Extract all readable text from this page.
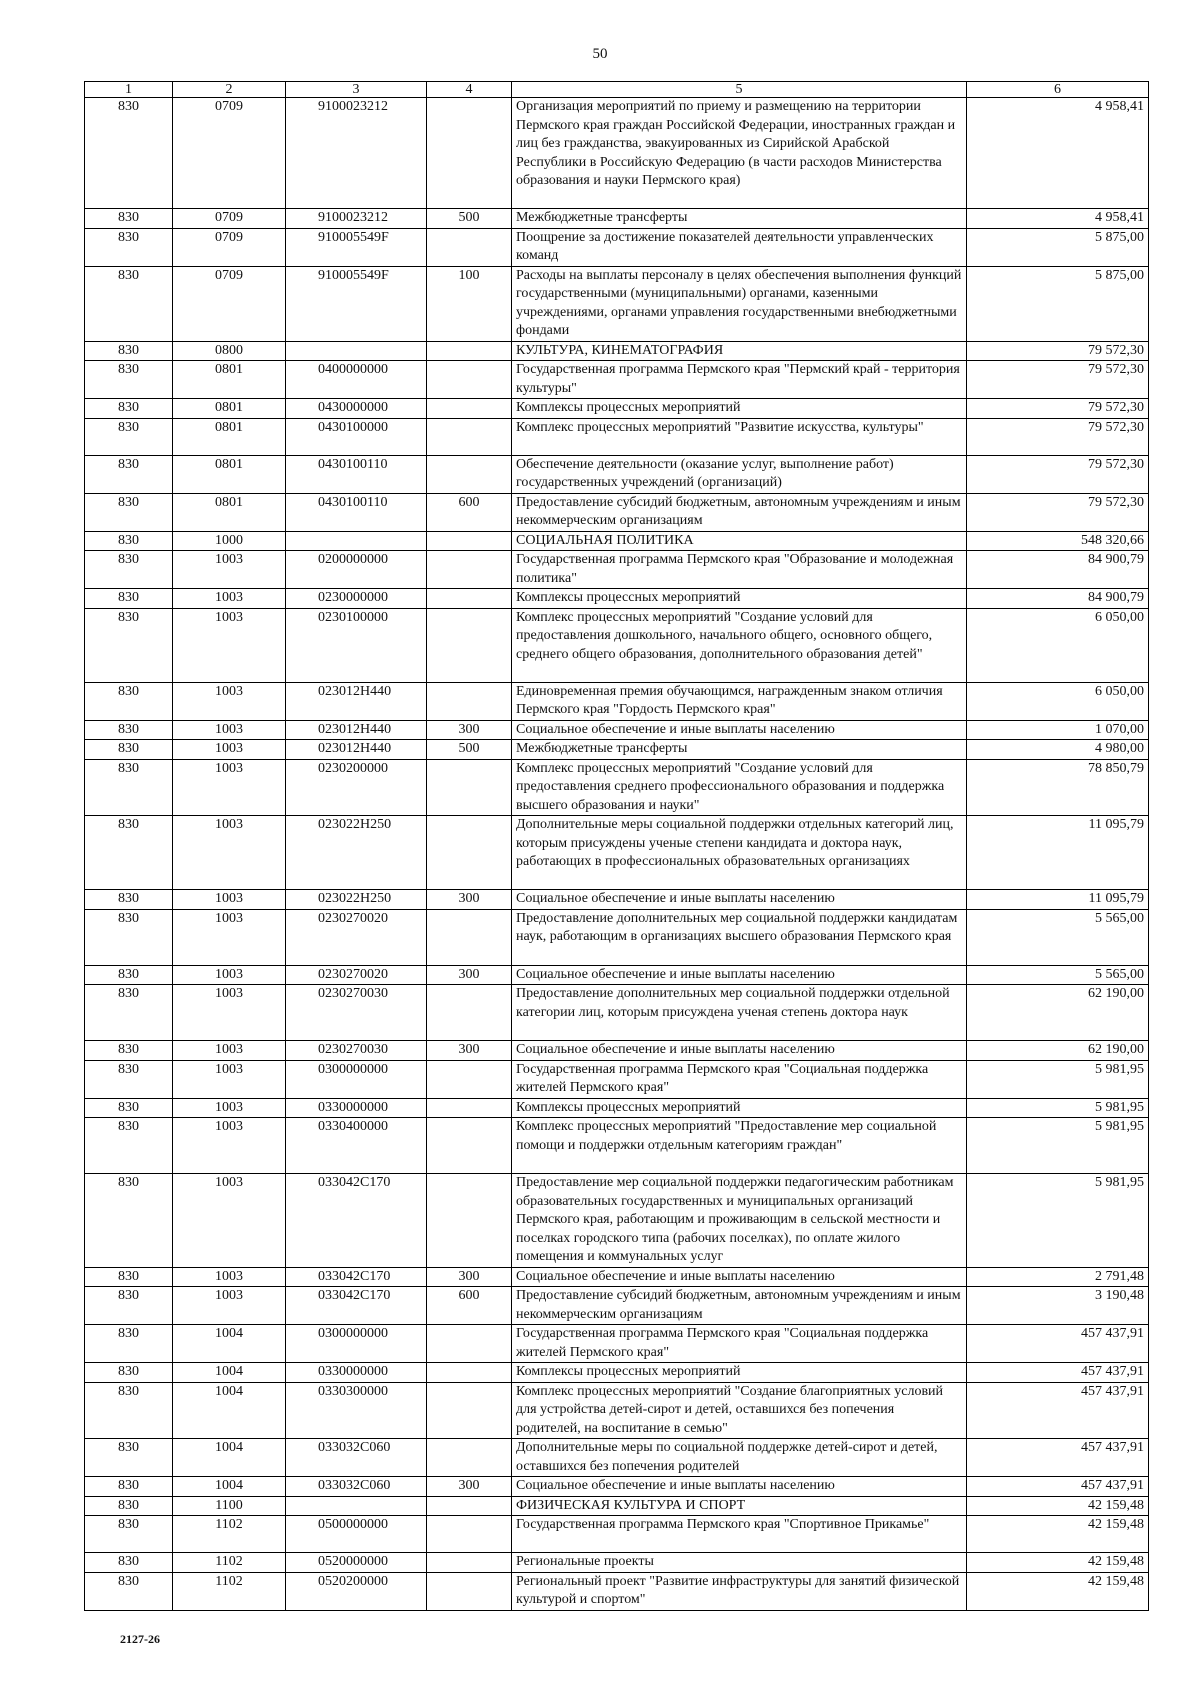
50
1	2	3	4	5	6
830	0709	9100023212		Организация мероприятий по приему и размещению на территории Пермского края граждан Российской Федерации, иностранных граждан и лиц без гражданства, эвакуированных из Сирийской Арабской Республики в Российскую Федерацию (в части расходов Министерства образования и науки Пермского края)	4 958,41
830	0709	9100023212	500	Межбюджетные трансферты	4 958,41
830	0709	910005549F		Поощрение за достижение показателей деятельности управленческих команд	5 875,00
830	0709	910005549F	100	Расходы на выплаты персоналу в целях обеспечения выполнения функций государственными (муниципальными) органами, казенными учреждениями, органами управления государственными внебюджетными фондами	5 875,00
830	0800			КУЛЬТУРА, КИНЕМАТОГРАФИЯ	79 572,30
830	0801	0400000000		Государственная программа Пермского края "Пермский край - территория культуры"	79 572,30
830	0801	0430000000		Комплексы процессных мероприятий	79 572,30
830	0801	0430100000		Комплекс процессных мероприятий "Развитие искусства, культуры"	79 572,30
830	0801	0430100110		Обеспечение деятельности (оказание услуг, выполнение работ) государственных учреждений (организаций)	79 572,30
830	0801	0430100110	600	Предоставление субсидий бюджетным, автономным учреждениям и иным некоммерческим организациям	79 572,30
830	1000			СОЦИАЛЬНАЯ ПОЛИТИКА	548 320,66
830	1003	0200000000		Государственная программа Пермского края "Образование и молодежная политика"	84 900,79
830	1003	0230000000		Комплексы процессных мероприятий	84 900,79
830	1003	0230100000		Комплекс процессных мероприятий "Создание условий для предоставления дошкольного, начального общего, основного общего, среднего общего образования, дополнительного образования детей"	6 050,00
830	1003	023012Н440		Единовременная премия обучающимся, награжденным знаком отличия Пермского края "Гордость Пермского края"	6 050,00
830	1003	023012Н440	300	Социальное обеспечение и иные выплаты населению	1 070,00
830	1003	023012Н440	500	Межбюджетные трансферты	4 980,00
830	1003	0230200000		Комплекс процессных мероприятий "Создание условий для предоставления среднего профессионального образования и поддержка высшего образования и науки"	78 850,79
830	1003	023022Н250		Дополнительные меры социальной поддержки отдельных категорий лиц, которым присуждены ученые степени кандидата и доктора наук, работающих в профессиональных образовательных организациях	11 095,79
830	1003	023022Н250	300	Социальное обеспечение и иные выплаты населению	11 095,79
830	1003	0230270020		Предоставление дополнительных мер социальной поддержки кандидатам наук, работающим в организациях высшего образования Пермского края	5 565,00
830	1003	0230270020	300	Социальное обеспечение и иные выплаты населению	5 565,00
830	1003	0230270030		Предоставление дополнительных мер социальной поддержки отдельной категории лиц, которым присуждена ученая степень доктора наук	62 190,00
830	1003	0230270030	300	Социальное обеспечение и иные выплаты населению	62 190,00
830	1003	0300000000		Государственная программа Пермского края "Социальная поддержка жителей Пермского края"	5 981,95
830	1003	0330000000		Комплексы процессных мероприятий	5 981,95
830	1003	0330400000		Комплекс процессных мероприятий "Предоставление мер социальной помощи и поддержки отдельным категориям граждан"	5 981,95
830	1003	033042С170		Предоставление мер социальной поддержки педагогическим работникам образовательных государственных и муниципальных организаций Пермского края, работающим и проживающим в сельской местности и поселках городского типа (рабочих поселках), по оплате жилого помещения и коммунальных услуг	5 981,95
830	1003	033042С170	300	Социальное обеспечение и иные выплаты населению	2 791,48
830	1003	033042С170	600	Предоставление субсидий бюджетным, автономным учреждениям и иным некоммерческим организациям	3 190,48
830	1004	0300000000		Государственная программа Пермского края "Социальная поддержка жителей Пермского края"	457 437,91
830	1004	0330000000		Комплексы процессных мероприятий	457 437,91
830	1004	0330300000		Комплекс процессных мероприятий "Создание благоприятных условий для устройства детей-сирот и детей, оставшихся без попечения родителей, на воспитание в семью"	457 437,91
830	1004	033032С060		Дополнительные меры по социальной поддержке детей-сирот и детей, оставшихся без попечения родителей	457 437,91
830	1004	033032С060	300	Социальное обеспечение и иные выплаты населению	457 437,91
830	1100			ФИЗИЧЕСКАЯ КУЛЬТУРА И СПОРТ	42 159,48
830	1102	0500000000		Государственная программа Пермского края "Спортивное Прикамье"	42 159,48
830	1102	0520000000		Региональные проекты	42 159,48
830	1102	0520200000		Региональный проект "Развитие инфраструктуры для занятий физической культурой и спортом"	42 159,48
2127-26
